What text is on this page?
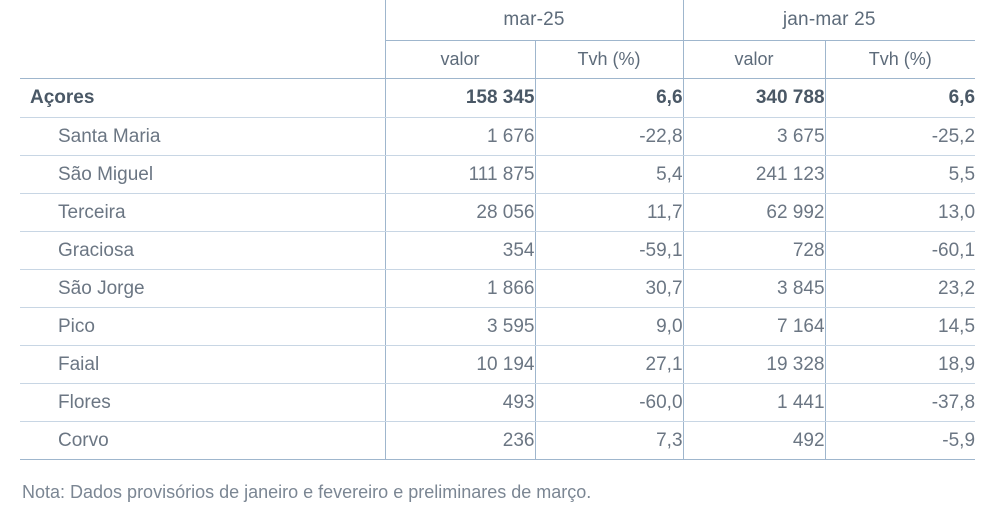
	mar-25		jan-mar 25	
	valor	Tvh (%)	valor	Tvh (%)
Açores	158 345	6,6	340 788	6,6
Santa Maria	1 676	-22,8	3 675	-25,2
São Miguel	111 875	5,4	241 123	5,5
Terceira	28 056	11,7	62 992	13,0
Graciosa	354	-59,1	728	-60,1
São Jorge	1 866	30,7	3 845	23,2
Pico	3 595	9,0	7 164	14,5
Faial	10 194	27,1	19 328	18,9
Flores	493	-60,0	1 441	-37,8
Corvo	236	7,3	492	-5,9
Nota: Dados provisórios de janeiro e fevereiro e preliminares de março.
